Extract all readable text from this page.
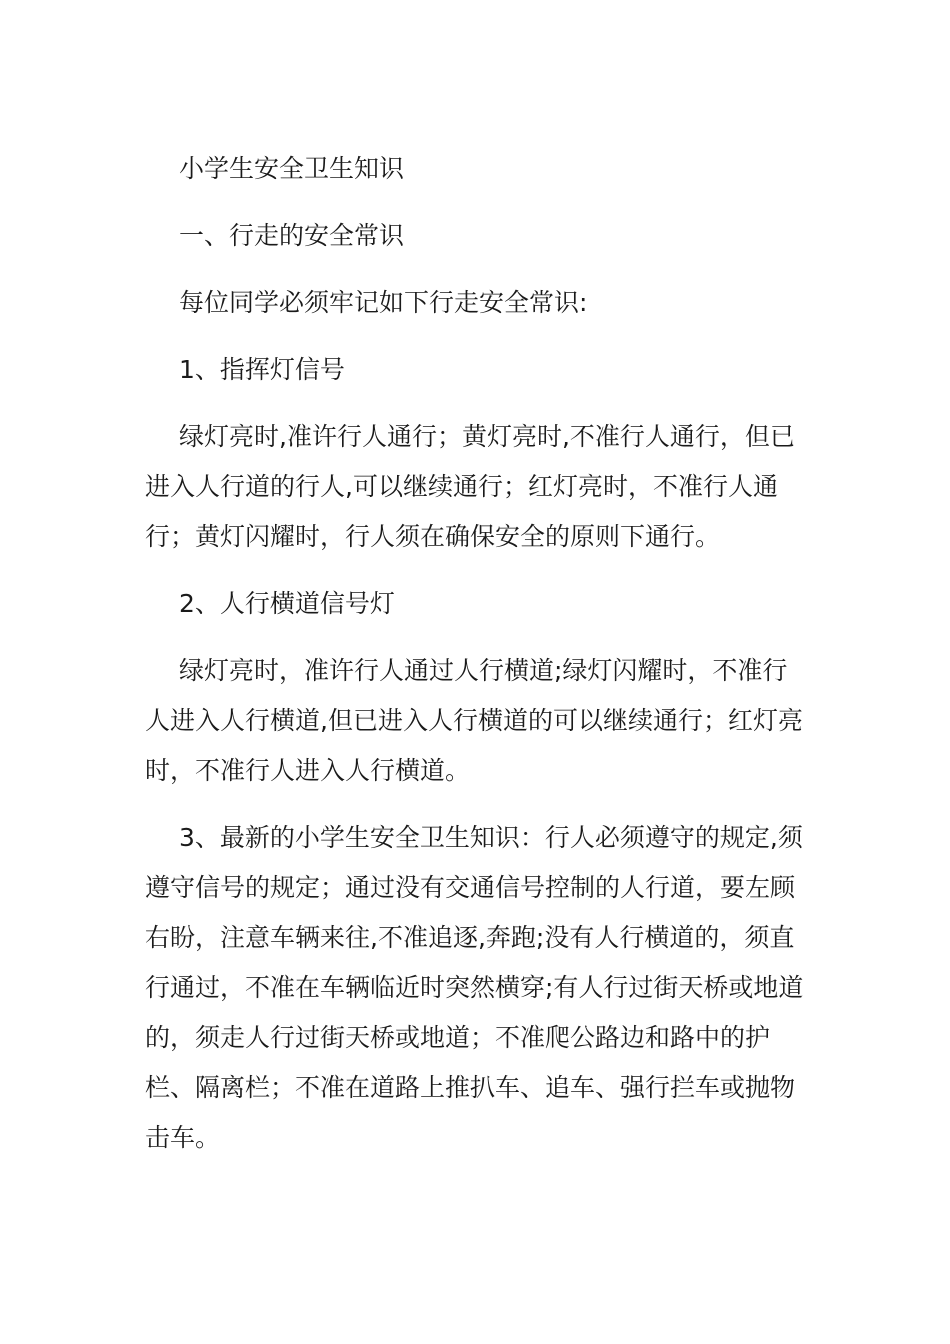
小学生安全卫生知识

一、行走的安全常识

每位同学必须牢记如下行走安全常识:

1、指挥灯信号

绿灯亮时,准许行人通行；黄灯亮时,不准行人通行，但已进入人行道的行人,可以继续通行；红灯亮时，不准行人通行；黄灯闪耀时，行人须在确保安全的原则下通行。

2、人行横道信号灯

绿灯亮时，准许行人通过人行横道;绿灯闪耀时，不准行人进入人行横道,但已进入人行横道的可以继续通行；红灯亮时，不准行人进入人行横道。

3、最新的小学生安全卫生知识：行人必须遵守的规定,须遵守信号的规定；通过没有交通信号控制的人行道，要左顾右盼，注意车辆来往,不准追逐,奔跑;没有人行横道的，须直行通过，不准在车辆临近时突然横穿;有人行过街天桥或地道的，须走人行过街天桥或地道；不准爬公路边和路中的护栏、隔离栏；不准在道路上推扒车、追车、强行拦车或抛物击车。
